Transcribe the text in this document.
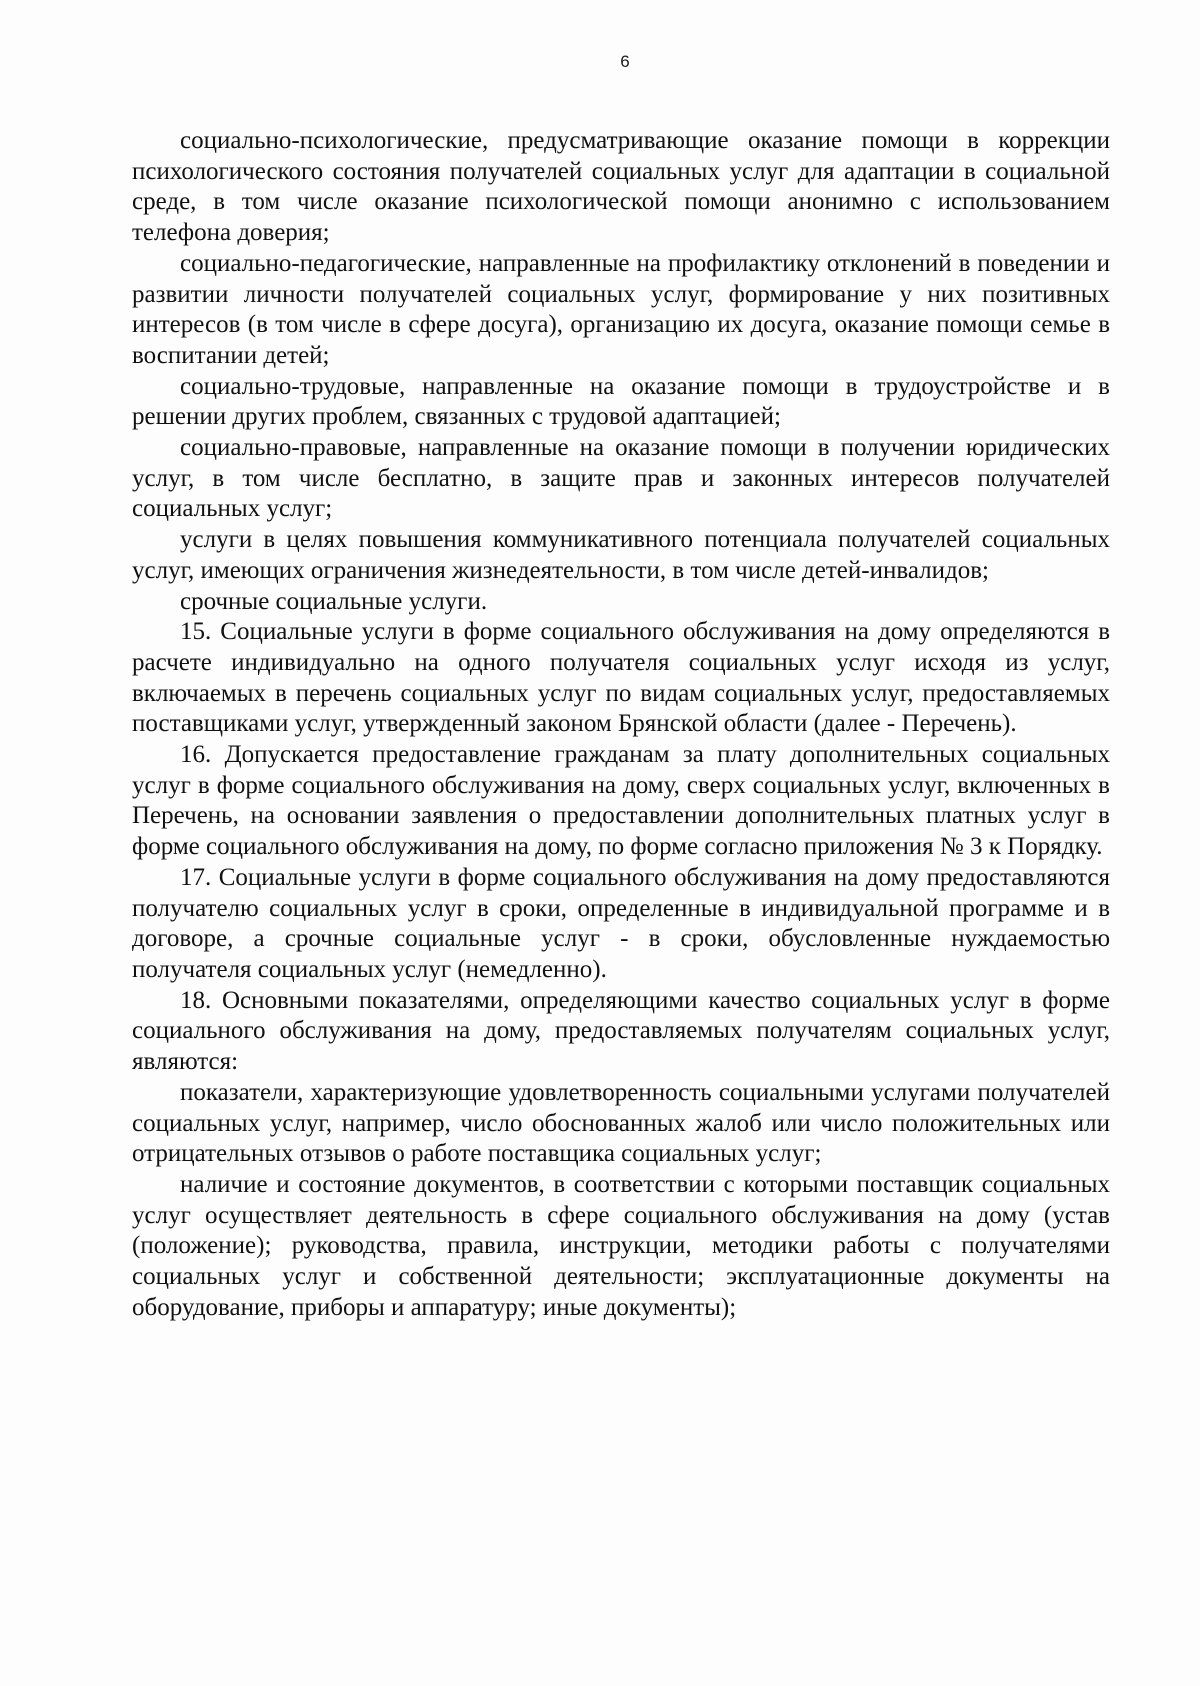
6

социально-психологические, предусматривающие оказание помощи в коррекции психологического состояния получателей социальных услуг для адаптации в социальной среде, в том числе оказание психологической помощи анонимно с использованием телефона доверия;

социально-педагогические, направленные на профилактику отклонений в поведении и развитии личности получателей социальных услуг, формирование у них позитивных интересов (в том числе в сфере досуга), организацию их досуга, оказание помощи семье в воспитании детей;

социально-трудовые, направленные на оказание помощи в трудоустройстве и в решении других проблем, связанных с трудовой адаптацией;

социально-правовые, направленные на оказание помощи в получении юридических услуг, в том числе бесплатно, в защите прав и законных интересов получателей социальных услуг;

услуги в целях повышения коммуникативного потенциала получателей социальных услуг, имеющих ограничения жизнедеятельности, в том числе детей-инвалидов;

срочные социальные услуги.

15. Социальные услуги в форме социального обслуживания на дому определяются в расчете индивидуально на одного получателя социальных услуг исходя из услуг, включаемых в перечень социальных услуг по видам социальных услуг, предоставляемых поставщиками услуг, утвержденный законом Брянской области (далее - Перечень).

16. Допускается предоставление гражданам за плату дополнительных социальных услуг в форме социального обслуживания на дому, сверх социальных услуг, включенных в Перечень, на основании заявления о предоставлении дополнительных платных услуг в форме социального обслуживания на дому, по форме согласно приложения № 3 к Порядку.

17. Социальные услуги в форме социального обслуживания на дому предоставляются получателю социальных услуг в сроки, определенные в индивидуальной программе и в договоре, а срочные социальные услуг - в сроки, обусловленные нуждаемостью получателя социальных услуг (немедленно).

18. Основными показателями, определяющими качество социальных услуг в форме социального обслуживания на дому, предоставляемых получателям социальных услуг, являются:

показатели, характеризующие удовлетворенность социальными услугами получателей социальных услуг, например, число обоснованных жалоб или число положительных или отрицательных отзывов о работе поставщика социальных услуг;

наличие и состояние документов, в соответствии с которыми поставщик социальных услуг осуществляет деятельность в сфере социального обслуживания на дому (устав (положение); руководства, правила, инструкции, методики работы с получателями социальных услуг и собственной деятельности; эксплуатационные документы на оборудование, приборы и аппаратуру; иные документы);
